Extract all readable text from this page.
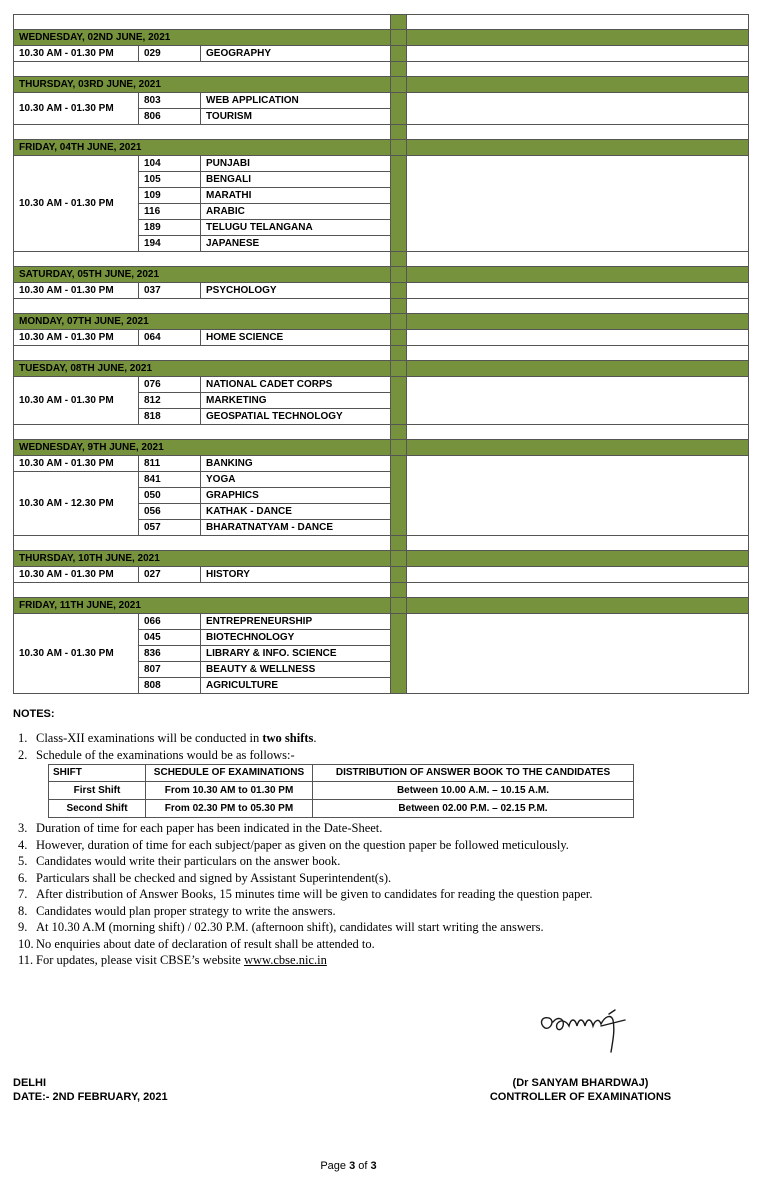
WEDNESDAY, 02ND JUNE, 2021				
10.30 AM - 01.30 PM	029	GEOGRAPHY		

THURSDAY, 03RD JUNE, 2021				
10.30 AM - 01.30 PM	803	WEB APPLICATION		
	806	TOURISM		

FRIDAY, 04TH JUNE, 2021				
10.30 AM - 01.30 PM	104	PUNJABI		
	105	BENGALI		
	109	MARATHI		
	116	ARABIC		
	189	TELUGU TELANGANA		
	194	JAPANESE		

SATURDAY, 05TH JUNE, 2021				
10.30 AM - 01.30 PM	037	PSYCHOLOGY		

MONDAY, 07TH JUNE, 2021				
10.30 AM - 01.30 PM	064	HOME SCIENCE		

TUESDAY, 08TH JUNE, 2021				
10.30 AM - 01.30 PM	076	NATIONAL CADET CORPS		
	812	MARKETING		
	818	GEOSPATIAL TECHNOLOGY		

WEDNESDAY, 9TH JUNE, 2021				
10.30 AM - 01.30 PM	811	BANKING		
10.30 AM - 12.30 PM	841	YOGA		
	050	GRAPHICS		
	056	KATHAK - DANCE		
	057	BHARATNATYAM - DANCE		

THURSDAY, 10TH JUNE, 2021				
10.30 AM - 01.30 PM	027	HISTORY		

FRIDAY, 11TH JUNE, 2021				
10.30 AM - 01.30 PM	066	ENTREPRENEURSHIP		
	045	BIOTECHNOLOGY		
	836	LIBRARY & INFO. SCIENCE		
	807	BEAUTY & WELLNESS		
	808	AGRICULTURE		
NOTES:
1. Class-XII examinations will be conducted in two shifts.
2. Schedule of the examinations would be as follows:-
SHIFT	SCHEDULE OF EXAMINATIONS	DISTRIBUTION OF ANSWER BOOK TO THE CANDIDATES
First Shift	From 10.30 AM to 01.30 PM	Between 10.00 A.M. – 10.15 A.M.
Second Shift	From 02.30 PM to 05.30 PM	Between 02.00 P.M. – 02.15 P.M.
3. Duration of time for each paper has been indicated in the Date-Sheet.
4. However, duration of time for each subject/paper as given on the question paper be followed meticulously.
5. Candidates would write their particulars on the answer book.
6. Particulars shall be checked and signed by Assistant Superintendent(s).
7. After distribution of Answer Books, 15 minutes time will be given to candidates for reading the question paper.
8. Candidates would plan proper strategy to write the answers.
9. At 10.30 A.M (morning shift) / 02.30 P.M. (afternoon shift), candidates will start writing the answers.
10. No enquiries about date of declaration of result shall be attended to.
11. For updates, please visit CBSE’s website www.cbse.nic.in
DELHI
DATE:- 2ND FEBRUARY, 2021
(Dr SANYAM BHARDWAJ)
CONTROLLER OF EXAMINATIONS
Page 3 of 3
